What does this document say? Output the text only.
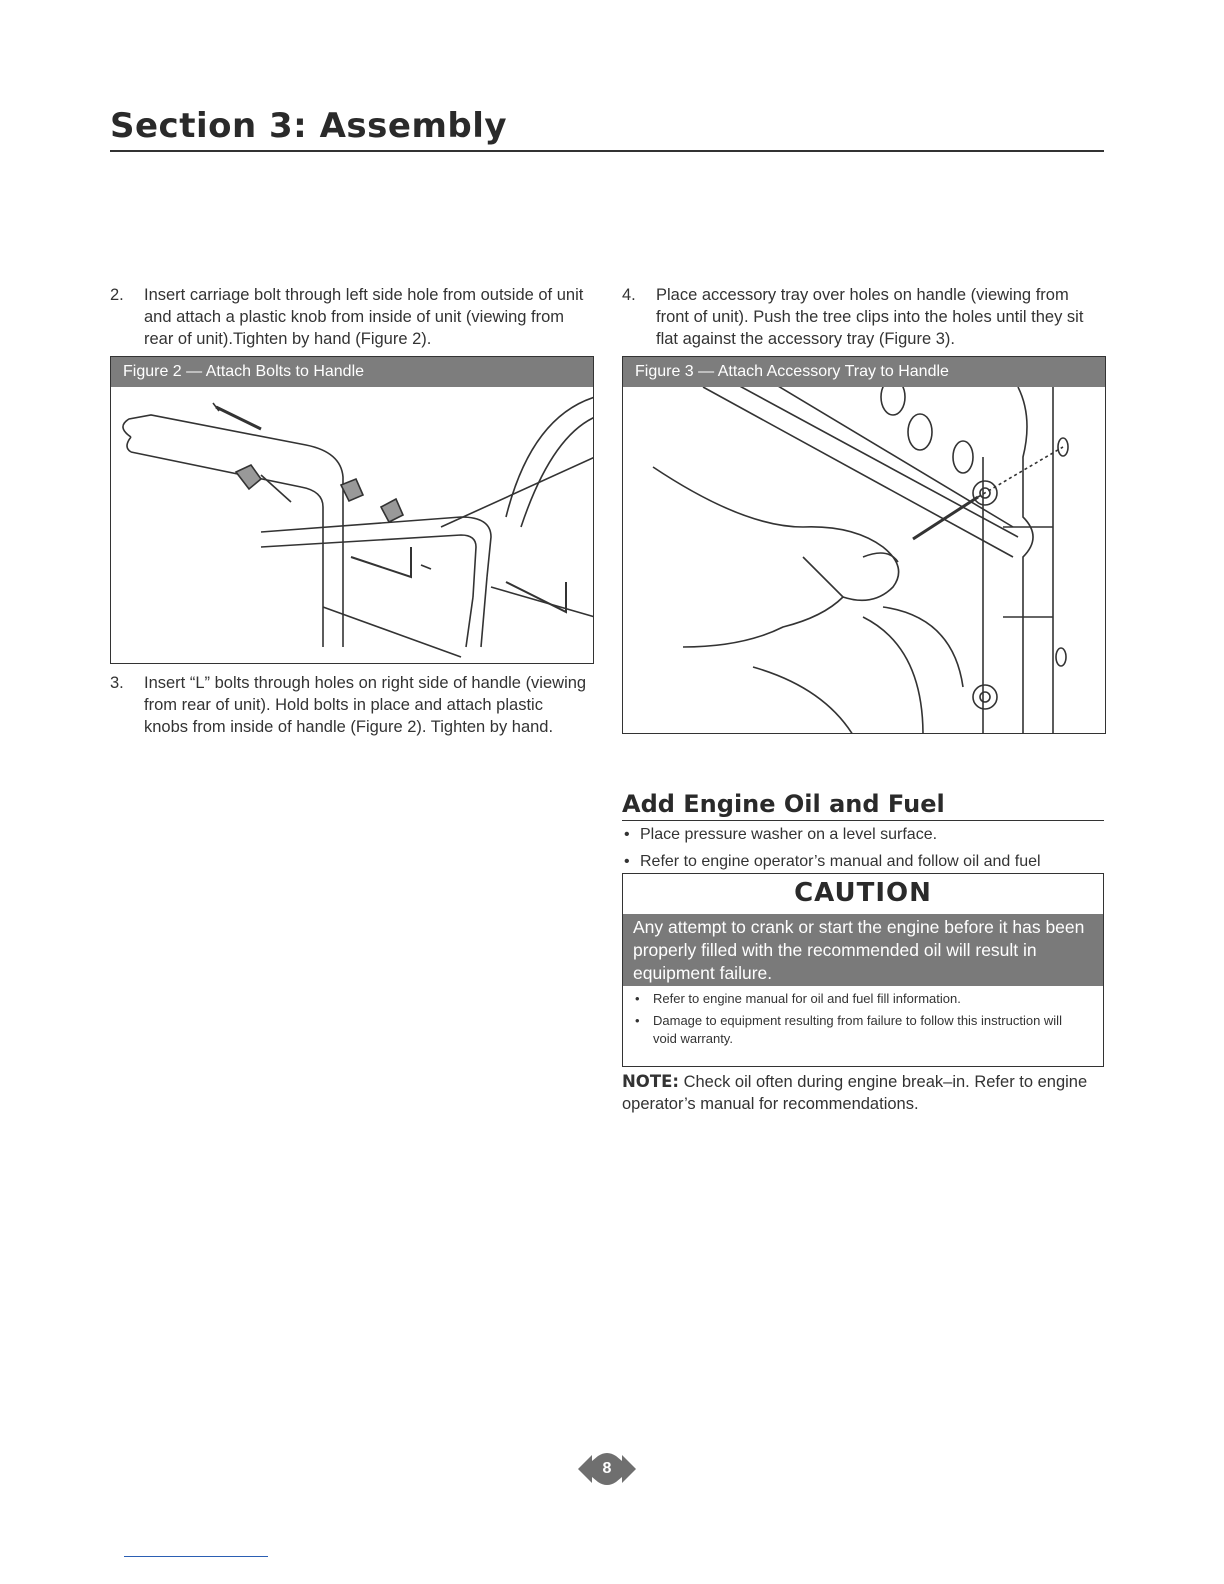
Section 3: Assembly
2. Insert carriage bolt through left side hole from outside of unit and attach a plastic knob from inside of unit (viewing from rear of unit).Tighten by hand (Figure 2).
Figure 2 — Attach Bolts to Handle
3. Insert “L” bolts through holes on right side of handle (viewing from rear of unit). Hold bolts in place and attach plastic knobs from inside of handle (Figure 2). Tighten by hand.
4. Place accessory tray over holes on handle (viewing from front of unit). Push the tree clips into the holes until they sit flat against the accessory tray (Figure 3).
Figure 3 — Attach Accessory Tray to Handle
Add Engine Oil and Fuel
• Place pressure washer on a level surface.
• Refer to engine operator’s manual and follow oil and fuel
CAUTION
Any attempt to crank or start the engine before it has been properly filled with the recommended oil will result in equipment failure.
• Refer to engine manual for oil and fuel fill information.
• Damage to equipment resulting from failure to follow this instruction will void warranty.
NOTE: Check oil often during engine break–in. Refer to engine operator’s manual for recommendations.
8
